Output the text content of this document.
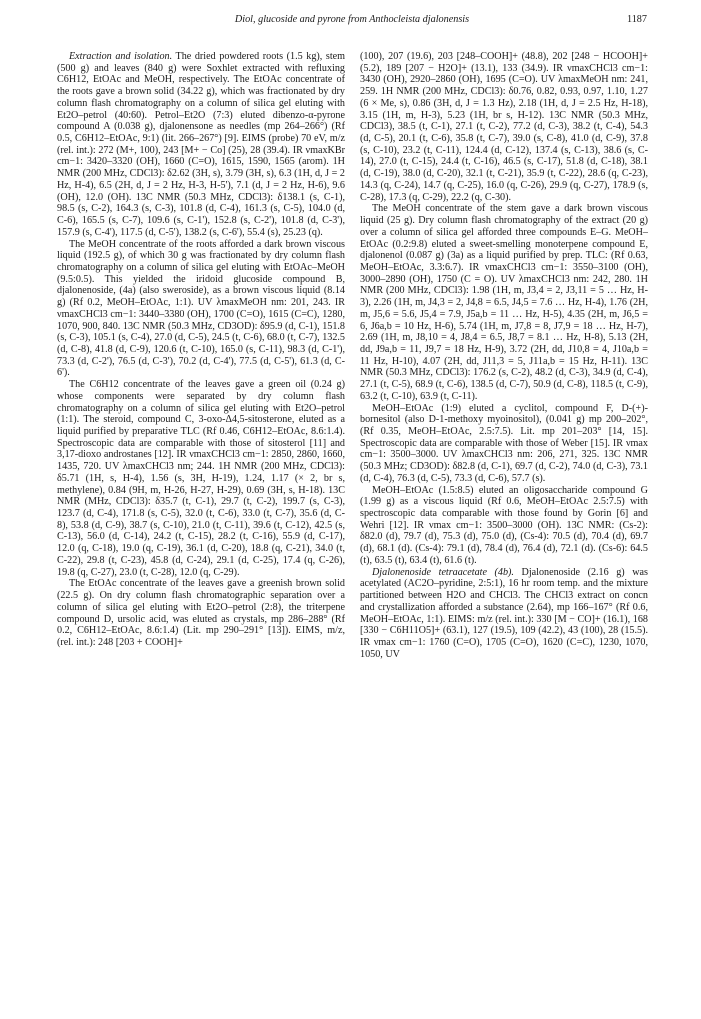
Diol, glucoside and pyrone from Anthocleista djalonensis	1187

Extraction and isolation. The dried powdered roots (1.5 kg), stem (500 g) and leaves (840 g) were Soxhlet extracted with refluxing C6H12, EtOAc and MeOH, respectively. The EtOAc concentrate of the roots gave a brown solid (34.22 g), which was fractionated by dry column flash chromatography on a column of silica gel eluting with Et2O–petrol (40:60). Petrol–Et2O (7:3) eluted dibenzo-α-pyrone compound A (0.038 g), djalonensone as needles (mp 264–266°) (Rf 0.5, C6H12–EtOAc, 9:1) (lit. 266–267°) [9]. EIMS (probe) 70 eV, m/z (rel. int.): 272 (M+, 100), 243 [M+ − Co] (25), 28 (39.4). IR νmaxKBr cm−1: 3420–3320 (OH), 1660 (C=O), 1615, 1590, 1565 (arom). 1H NMR (200 MHz, CDCl3): δ2.62 (3H, s), 3.79 (3H, s), 6.3 (1H, d, J = 2 Hz, H-4), 6.5 (2H, d, J = 2 Hz, H-3, H-5'), 7.1 (d, J = 2 Hz, H-6), 9.6 (OH), 12.0 (OH). 13C NMR (50.3 MHz, CDCl3): δ138.1 (s, C-1), 98.5 (s, C-2), 164.3 (s, C-3), 101.8 (d, C-4), 161.3 (s, C-5), 104.0 (d, C-6), 165.5 (s, C-7), 109.6 (s, C-1'), 152.8 (s, C-2'), 101.8 (d, C-3'), 157.9 (s, C-4'), 117.5 (d, C-5'), 138.2 (s, C-6'), 55.4 (s), 25.23 (q).

The MeOH concentrate of the roots afforded a dark brown viscous liquid (192.5 g), of which 30 g was fractionated by dry column flash chromatography on a column of silica gel eluting with EtOAc–MeOH (9.5:0.5). This yielded the iridoid glucoside compound B, djalonenoside, (4a) (also sweroside), as a brown viscous liquid (8.14 g) (Rf 0.2, MeOH–EtOAc, 1:1). UV λmaxMeOH nm: 201, 243. IR νmaxCHCl3 cm−1: 3440–3380 (OH), 1700 (C=O), 1615 (C=C), 1280, 1070, 900, 840. 13C NMR (50.3 MHz, CD3OD): δ95.9 (d, C-1), 151.8 (s, C-3), 105.1 (s, C-4), 27.0 (d, C-5), 24.5 (t, C-6), 68.0 (t, C-7), 132.5 (d, C-8), 41.8 (d, C-9), 120.6 (t, C-10), 165.0 (s, C-11), 98.3 (d, C-1'), 73.3 (d, C-2'), 76.5 (d, C-3'), 70.2 (d, C-4'), 77.5 (d, C-5'), 61.3 (d, C-6').

The C6H12 concentrate of the leaves gave a green oil (0.24 g) whose components were separated by dry column flash chromatography on a column of silica gel eluting with Et2O–petrol (1:1). The steroid, compound C, 3-oxo-Δ4,5-sitosterone, eluted as a liquid purified by preparative TLC (Rf 0.46, C6H12–EtOAc, 8.6:1.4). Spectroscopic data are comparable with those of sitosterol [11] and 3,17-dioxo androstanes [12]. IR νmaxCHCl3 cm−1: 2850, 2860, 1660, 1435, 720. UV λmaxCHCl3 nm; 244. 1H NMR (200 MHz, CDCl3): δ5.71 (1H, s, H-4), 1.56 (s, 3H, H-19), 1.24, 1.17 (× 2, br s, methylene), 0.84 (9H, m, H-26, H-27, H-29), 0.69 (3H, s, H-18). 13C NMR (MHz, CDCl3): δ35.7 (t, C-1), 29.7 (t, C-2), 199.7 (s, C-3), 123.7 (d, C-4), 171.8 (s, C-5), 32.0 (t, C-6), 33.0 (t, C-7), 35.6 (d, C-8), 53.8 (d, C-9), 38.7 (s, C-10), 21.0 (t, C-11), 39.6 (t, C-12), 42.5 (s, C-13), 56.0 (d, C-14), 24.2 (t, C-15), 28.2 (t, C-16), 55.9 (d, C-17), 12.0 (q, C-18), 19.0 (q, C-19), 36.1 (d, C-20), 18.8 (q, C-21), 34.0 (t, C-22), 29.8 (t, C-23), 45.8 (d, C-24), 29.1 (d, C-25), 17.4 (q, C-26), 19.8 (q, C-27), 23.0 (t, C-28), 12.0 (q, C-29).

The EtOAc concentrate of the leaves gave a greenish brown solid (22.5 g). On dry column flash chromatographic separation over a column of silica gel eluting with Et2O–petrol (2:8), the triterpene compound D, ursolic acid, was eluted as crystals, mp 286–288° (Rf 0.2, C6H12–EtOAc, 8.6:1.4) (Lit. mp 290–291° [13]). EIMS, m/z, (rel. int.): 248 [203 + COOH]+

(100), 207 (19.6), 203 [248–COOH]+ (48.8), 202 [248 − HCOOH]+ (5.2), 189 [207 − H2O]+ (13.1), 133 (34.9). IR νmaxCHCl3 cm−1: 3430 (OH), 2920–2860 (OH), 1695 (C=O). UV λmaxMeOH nm: 241, 259. 1H NMR (200 MHz, CDCl3): δ0.76, 0.82, 0.93, 0.97, 1.10, 1.27 (6 × Me, s), 0.86 (3H, d, J = 1.3 Hz), 2.18 (1H, d, J = 2.5 Hz, H-18), 3.15 (1H, m, H-3), 5.23 (1H, br s, H-12). 13C NMR (50.3 MHz, CDCl3), 38.5 (t, C-1), 27.1 (t, C-2), 77.2 (d, C-3), 38.2 (t, C-4), 54.3 (d, C-5), 20.1 (t, C-6), 35.8 (t, C-7), 39.0 (s, C-8), 41.0 (d, C-9), 37.8 (s, C-10), 23.2 (t, C-11), 124.4 (d, C-12), 137.4 (s, C-13), 38.6 (s, C-14), 27.0 (t, C-15), 24.4 (t, C-16), 46.5 (s, C-17), 51.8 (d, C-18), 38.1 (d, C-19), 38.0 (d, C-20), 32.1 (t, C-21), 35.9 (t, C-22), 28.6 (q, C-23), 14.3 (q, C-24), 14.7 (q, C-25), 16.0 (q, C-26), 29.9 (q, C-27), 178.9 (s, C-28), 17.3 (q, C-29), 22.2 (q, C-30).

The MeOH concentrate of the stem gave a dark brown viscous liquid (25 g). Dry column flash chromatography of the extract (20 g) over a column of silica gel afforded three compounds E–G. MeOH–EtOAc (0.2:9.8) eluted a sweet-smelling monoterpene compound E, djalonenol (0.087 g) (3a) as a liquid purified by prep. TLC: (Rf 0.63, MeOH–EtOAc, 3.3:6.7). IR νmaxCHCl3 cm−1: 3550–3100 (OH), 3000–2890 (OH), 1750 (C = O). UV λmaxCHCl3 nm: 242, 280. 1H NMR (200 MHz, CDCl3): 1.98 (1H, m, J3,4 = 2, J3,11 = 5 … Hz, H-3), 2.26 (1H, m, J4,3 = 2, J4,8 = 6.5, J4,5 = 7.6 … Hz, H-4), 1.76 (2H, m, J5,6 = 5.6, J5,4 = 7.9, J5a,b = 11 … Hz, H-5), 4.35 (2H, m, J6,5 = 6, J6a,b = 10 Hz, H-6), 5.74 (1H, m, J7,8 = 8, J7,9 = 18 … Hz, H-7), 2.69 (1H, m, J8,10 = 4, J8,4 = 6.5, J8,7 = 8.1 … Hz, H-8), 5.13 (2H, dd, J9a,b = 11, J9,7 = 18 Hz, H-9), 3.72 (2H, dd, J10,8 = 4, J10a,b = 11 Hz, H-10), 4.07 (2H, dd, J11,3 = 5, J11a,b = 15 Hz, H-11). 13C NMR (50.3 MHz, CDCl3): 176.2 (s, C-2), 48.2 (d, C-3), 34.9 (d, C-4), 27.1 (t, C-5), 68.9 (t, C-6), 138.5 (d, C-7), 50.9 (d, C-8), 118.5 (t, C-9), 63.2 (t, C-10), 63.9 (t, C-11).

MeOH–EtOAc (1:9) eluted a cyclitol, compound F, D-(+)-bornesitol (also D-1-methoxy myoinositol), (0.041 g) mp 200–202°, (Rf 0.35, MeOH–EtOAc, 2.5:7.5). Lit. mp 201–203° [14, 15]. Spectroscopic data are comparable with those of Weber [15]. IR νmax cm−1: 3500–3000. UV λmaxCHCl3 nm: 206, 271, 325. 13C NMR (50.3 MHz; CD3OD): δ82.8 (d, C-1), 69.7 (d, C-2), 74.0 (d, C-3), 73.1 (d, C-4), 76.3 (d, C-5), 73.3 (d, C-6), 57.7 (s).

MeOH–EtOAc (1.5:8.5) eluted an oligosaccharide compound G (1.99 g) as a viscous liquid (Rf 0.6, MeOH–EtOAc 2.5:7.5) with spectroscopic data comparable with those found by Gorin [6] and Wehri [12]. IR νmax cm−1: 3500–3000 (OH). 13C NMR: (Cs-2): δ82.0 (d), 79.7 (d), 75.3 (d), 75.0 (d), (Cs-4): 70.5 (d), 70.4 (d), 69.7 (d), 68.1 (d). (Cs-4): 79.1 (d), 78.4 (d), 76.4 (d), 72.1 (d). (Cs-6): 64.5 (t), 63.5 (t), 63.4 (t), 61.6 (t).

Djalonenoside tetraacetate (4b). Djalonenoside (2.16 g) was acetylated (AC2O–pyridine, 2:5:1), 16 hr room temp. and the mixture partitioned between H2O and CHCl3. The CHCl3 extract on concn and crystallization afforded a substance (2.64), mp 166–167° (Rf 0.6, MeOH–EtOAc, 1:1). EIMS: m/z (rel. int.): 330 [M − CO]+ (16.1), 168 [330 − C6H11O5]+ (63.1), 127 (19.5), 109 (42.2), 43 (100), 28 (15.5). IR νmax cm−1: 1760 (C=O), 1705 (C=O), 1620 (C=C), 1230, 1070, 1050, UV
